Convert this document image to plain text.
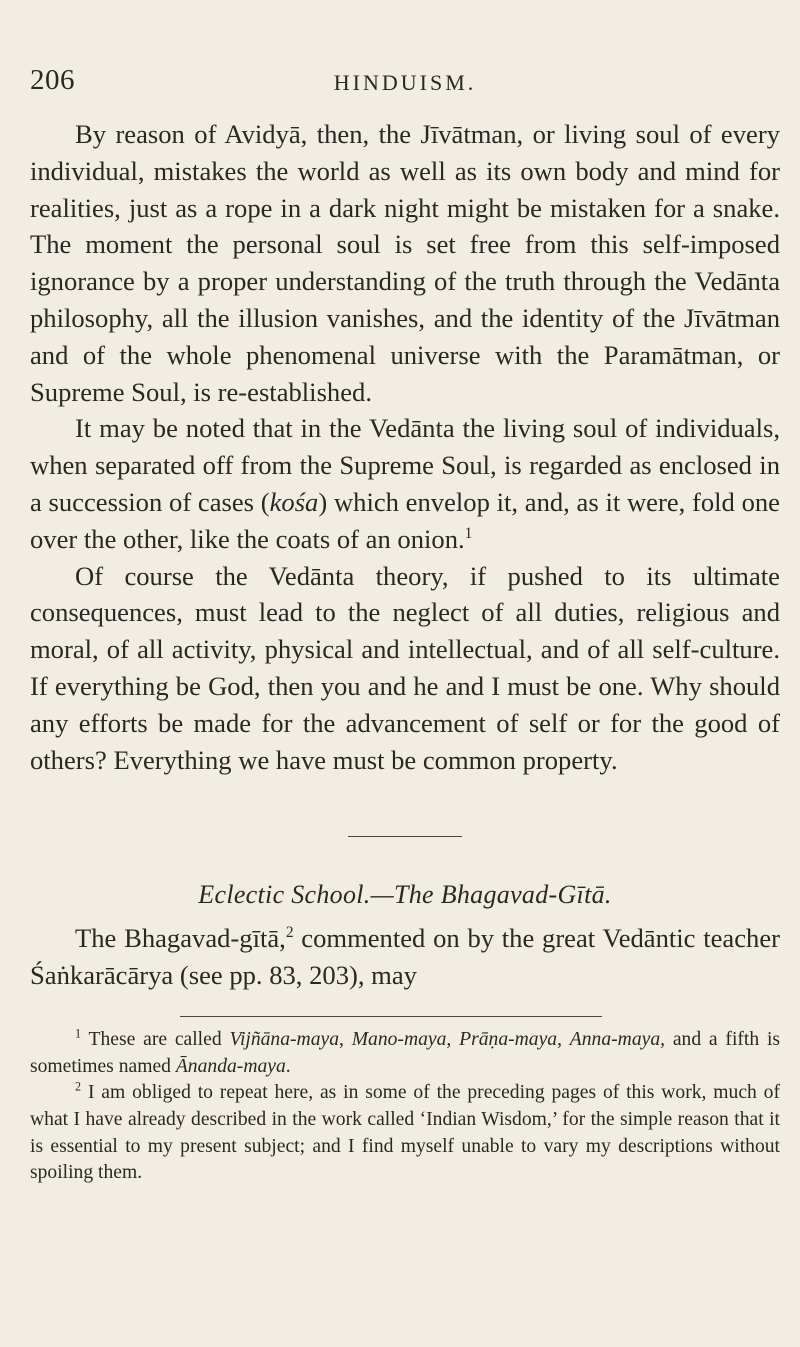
206	HINDUISM.

By reason of Avidyā, then, the Jīvātman, or living soul of every individual, mistakes the world as well as its own body and mind for realities, just as a rope in a dark night might be mistaken for a snake. The moment the personal soul is set free from this self-imposed ignorance by a proper understanding of the truth through the Vedānta philosophy, all the illusion vanishes, and the identity of the Jīvātman and of the whole phenomenal universe with the Paramātman, or Supreme Soul, is re-established.

It may be noted that in the Vedānta the living soul of individuals, when separated off from the Supreme Soul, is regarded as enclosed in a succession of cases (kośa) which envelop it, and, as it were, fold one over the other, like the coats of an onion.$^1$

Of course the Vedānta theory, if pushed to its ultimate consequences, must lead to the neglect of all duties, religious and moral, of all activity, physical and intellectual, and of all self-culture. If everything be God, then you and he and I must be one. Why should any efforts be made for the advancement of self or for the good of others? Everything we have must be common property.

Eclectic School.—The Bhagavad-Gītā.

The Bhagavad-gītā,$^2$ commented on by the great Vedāntic teacher Śaṅkarācārya (see pp. 83, 203), may

$^1$ These are called Vijñāna-maya, Mano-maya, Prāṇa-maya, Anna-maya, and a fifth is sometimes named Ānanda-maya.

$^2$ I am obliged to repeat here, as in some of the preceding pages of this work, much of what I have already described in the work called ‘Indian Wisdom,’ for the simple reason that it is essential to my present subject; and I find myself unable to vary my descriptions without spoiling them.
